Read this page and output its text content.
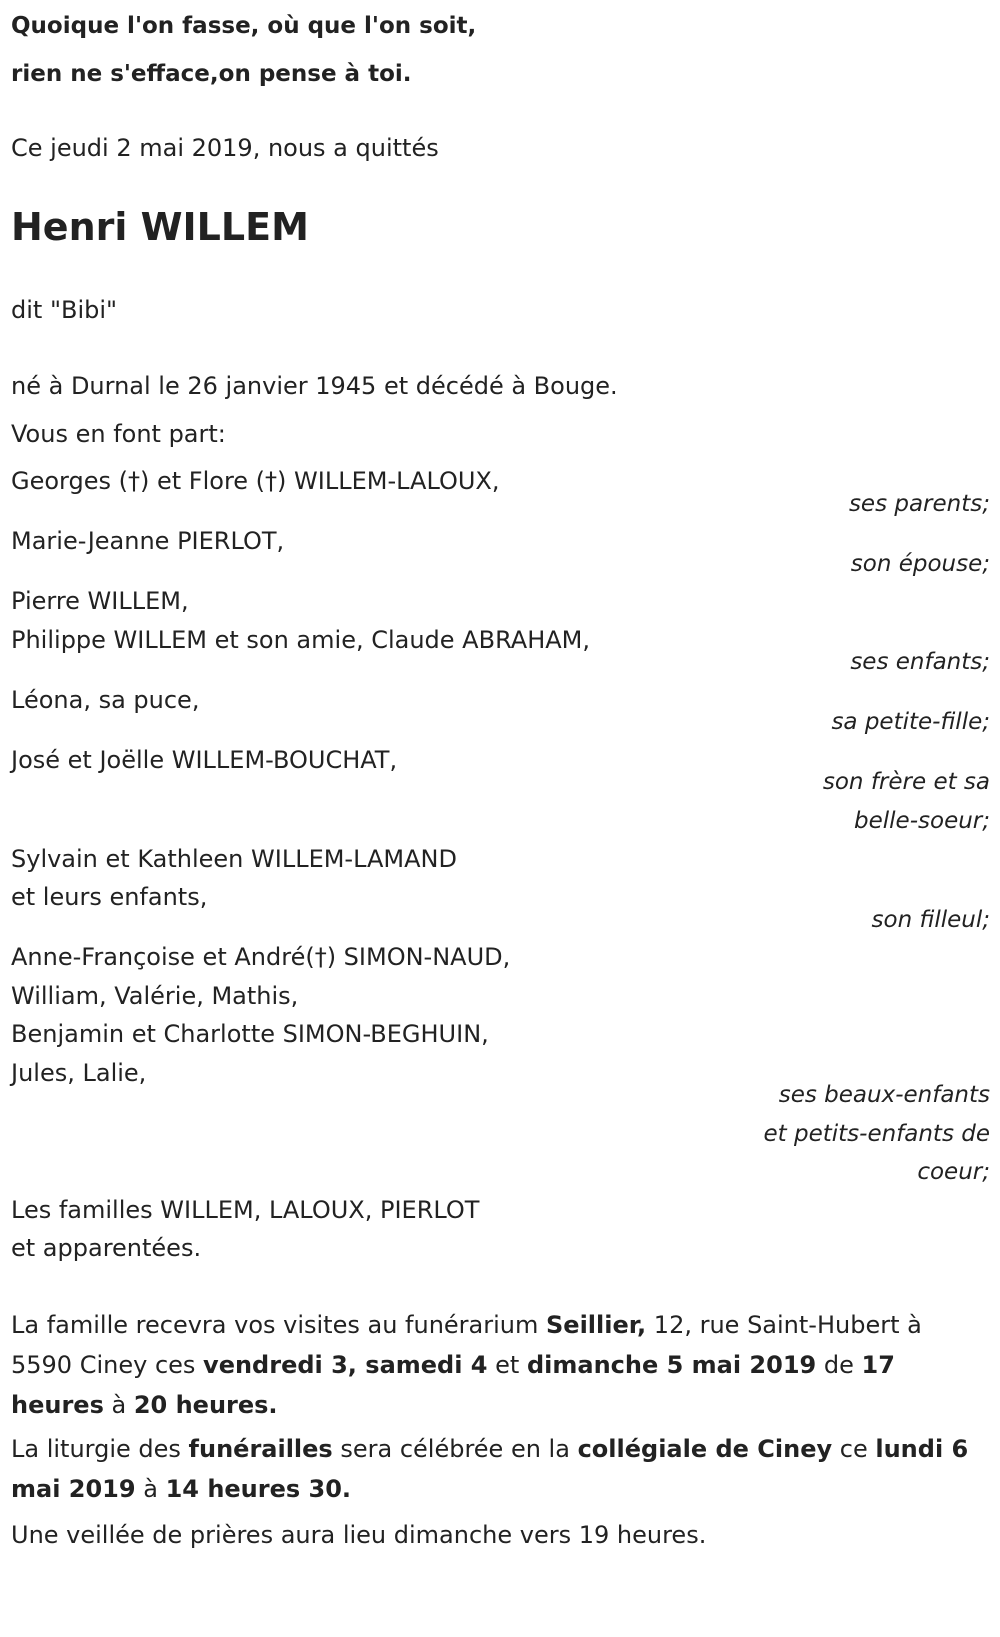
Quoique l'on fasse, où que l'on soit,
rien ne s'efface,on pense à toi.
Ce jeudi 2 mai 2019, nous a quittés
Henri WILLEM
dit "Bibi"
né à Durnal le 26 janvier 1945 et décédé à Bouge.
Vous en font part:
Georges (†) et Flore (†) WILLEM-LALOUX,
ses parents;
Marie-Jeanne PIERLOT,
son épouse;
Pierre WILLEM,
Philippe WILLEM et son amie, Claude ABRAHAM,
ses enfants;
Léona, sa puce,
sa petite-fille;
José et Joëlle WILLEM-BOUCHAT,
son frère et sa
belle-soeur;
Sylvain et Kathleen WILLEM-LAMAND
et leurs enfants,
son filleul;
Anne-Françoise et André(†) SIMON-NAUD,
William, Valérie, Mathis,
Benjamin et Charlotte SIMON-BEGHUIN,
Jules, Lalie,
ses beaux-enfants
et petits-enfants de
coeur;
Les familles WILLEM, LALOUX, PIERLOT
et apparentées.
La famille recevra vos visites au funérarium Seillier, 12, rue Saint-Hubert à 5590 Ciney ces vendredi 3, samedi 4 et dimanche 5 mai 2019 de 17 heures à 20 heures.
La liturgie des funérailles sera célébrée en la collégiale de Ciney ce lundi 6 mai 2019 à 14 heures 30.
Une veillée de prières aura lieu dimanche vers 19 heures.
